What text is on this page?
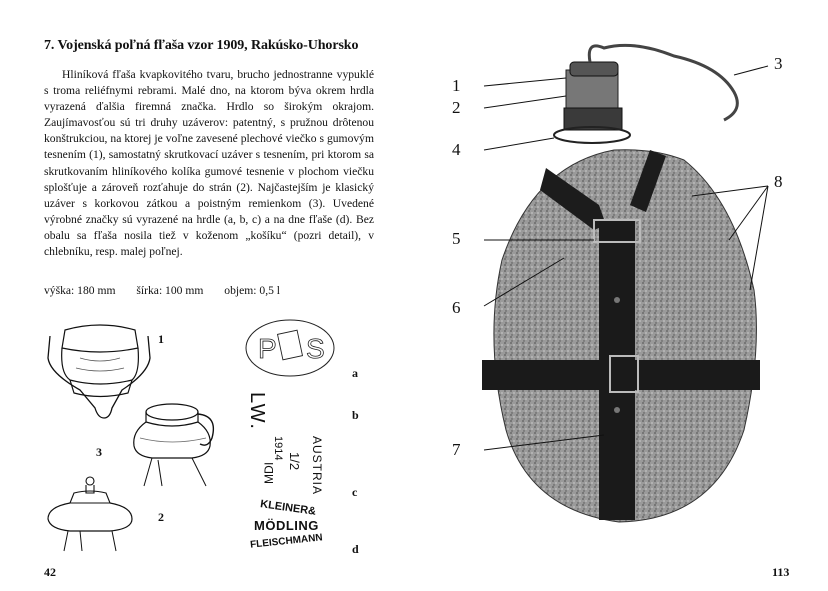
7. Vojenská poľná fľaša vzor 1909, Rakúsko-Uhorsko

Hliníková fľaša kvapkovitého tvaru, brucho jednostranne vypuklé s troma reliéfnymi rebrami. Malé dno, na ktorom býva okrem hrdla vyrazená ďalšia firemná značka. Hrdlo so širokým okrajom. Zaujímavosťou sú tri druhy uzáverov: patentný, s pružnou drôtenou konštrukciou, na ktorej je voľne zavesené plechové viečko s gumovým tesnením (1), samostatný skrutkovací uzáver s tesnením, pri ktorom sa skrutkovaním hliníkového kolíka gumové tesnenie v plochom viečku splošťuje a zároveň rozťahuje do strán (2). Najčastejším je klasický uzáver s korkovou zátkou a poistným remienkom (3). Uvedené výrobné značky sú vyrazené na hrdle (a, b, c) a na dne fľaše (d). Bez obalu sa fľaša nosila tiež v koženom „košíku“ (pozri detail), v chlebníku, resp. malej poľnej.

výška: 180 mm šírka: 100 mm objem: 0,5 l
1
3
2
P S
a
LW.	b
1914 AUSTRIA
MDI
1/2
c
KLEINER&
MÖDLING
FLEISCHMANN d
42
1
2
3
4
5
6
7
8
113
